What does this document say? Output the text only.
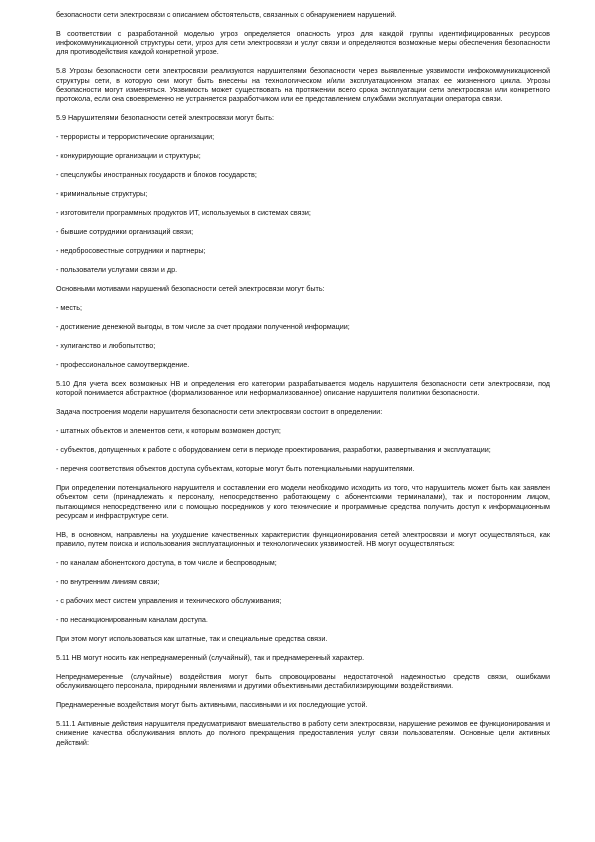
безопасности сети электросвязи с описанием обстоятельств, связанных с обнаружением нарушений.

В соответствии с разработанной моделью угроз определяется опасность угроз для каждой группы идентифицированных ресурсов инфокоммуникационной структуры сети, угроз для сети электросвязи и услуг связи и определяются возможные меры обеспечения безопасности для противодействия каждой конкретной угрозе.

5.8 Угрозы безопасности сети электросвязи реализуются нарушителями безопасности через выявленные уязвимости инфокоммуникационной структуры сети, в которую они могут быть внесены на технологическом и/или эксплуатационном этапах ее жизненного цикла. Угрозы безопасности могут изменяться. Уязвимость может существовать на протяжении всего срока эксплуатации сети электросвязи или конкретного протокола, если она своевременно не устраняется разработчиком или ее представлением службами эксплуатации оператора связи.

5.9 Нарушителями безопасности сетей электросвязи могут быть:

- террористы и террористические организации;

- конкурирующие организации и структуры;

- спецслужбы иностранных государств и блоков государств;

- криминальные структуры;

- изготовители программных продуктов ИТ, используемых в системах связи;

- бывшие сотрудники организаций связи;

- недобросовестные сотрудники и партнеры;

- пользователи услугами связи и др.

Основными мотивами нарушений безопасности сетей электросвязи могут быть:

- месть;

- достижение денежной выгоды, в том числе за счет продажи полученной информации;

- хулиганство и любопытство;

- профессиональное самоутверждение.

5.10 Для учета всех возможных НВ и определения его категории разрабатывается модель нарушителя безопасности сети электросвязи, под которой понимается абстрактное (формализованное или неформализованное) описание нарушителя политики безопасности.

Задача построения модели нарушителя безопасности сети электросвязи состоит в определении:

- штатных объектов и элементов сети, к которым возможен доступ;

- субъектов, допущенных к работе с оборудованием сети в периоде проектирования, разработки, развертывания и эксплуатации;

- перечня соответствия объектов доступа субъектам, которые могут быть потенциальными нарушителями.

При определении потенциального нарушителя и составлении его модели необходимо исходить из того, что нарушитель может быть как заявлен объектом сети (принадлежать к персоналу, непосредственно работающему с абонентскими терминалами), так и посторонним лицом, пытающимся непосредственно или с помощью посредников у кого технические и программные средства получить доступ к информационным ресурсам и инфраструктуре сети.

НВ, в основном, направлены на ухудшение качественных характеристик функционирования сетей электросвязи и могут осуществляться, как правило, путем поиска и использования эксплуатационных и технологических уязвимостей. НВ могут осуществляться:

- по каналам абонентского доступа, в том числе и беспроводным;

- по внутренним линиям связи;

- с рабочих мест систем управления и технического обслуживания;

- по несанкционированным каналам доступа.

При этом могут использоваться как штатные, так и специальные средства связи.

5.11 НВ могут носить как непреднамеренный (случайный), так и преднамеренный характер.

Непреднамеренные (случайные) воздействия могут быть спровоцированы недостаточной надежностью средств связи, ошибками обслуживающего персонала, природными явлениями и другими объективными дестабилизирующими воздействиями.

Преднамеренные воздействия могут быть активными, пассивными и их последующие устой.

5.11.1 Активные действия нарушителя предусматривают вмешательство в работу сети электросвязи, нарушение режимов ее функционирования и снижение качества обслуживания вплоть до полного прекращения предоставления услуг связи пользователям. Основные цели активных действий:
